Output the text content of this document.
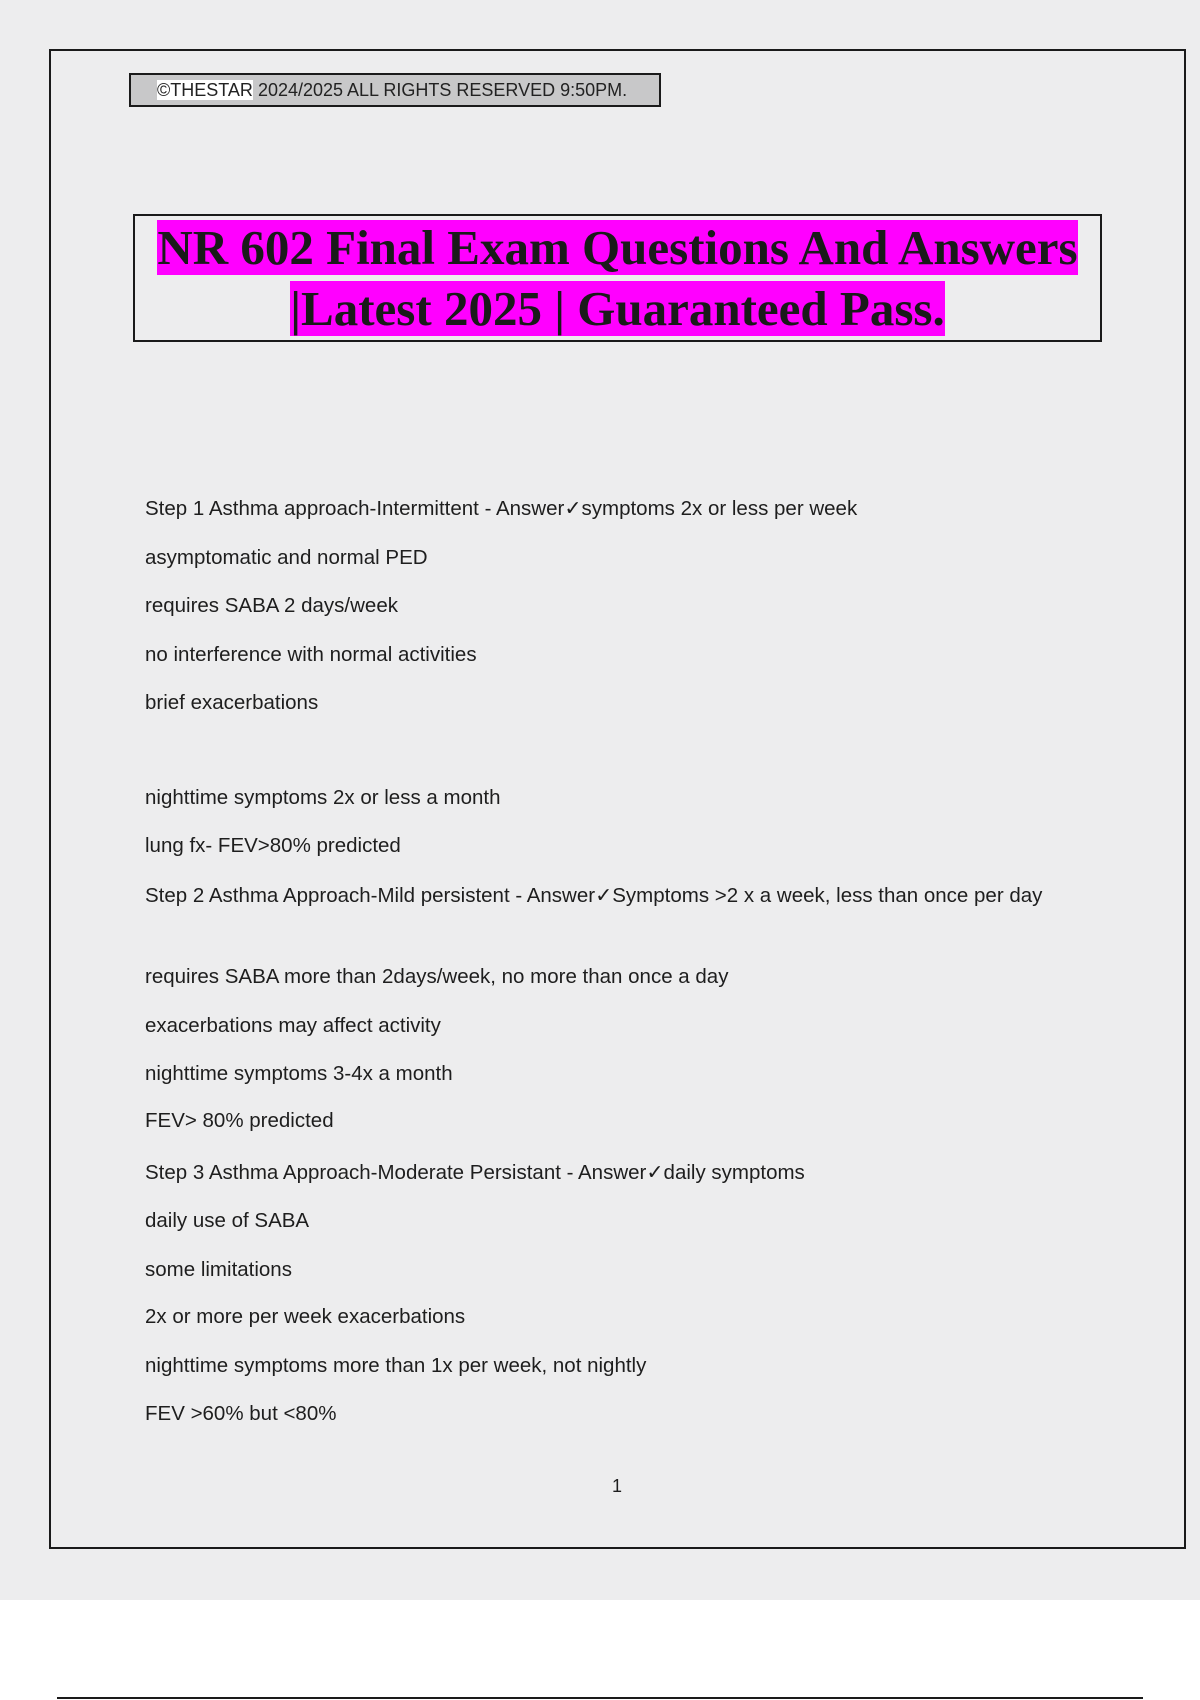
©THESTAR 2024/2025 ALL RIGHTS RESERVED 9:50PM.
NR 602 Final Exam Questions And Answers
|Latest 2025 | Guaranteed Pass.
Step 1 Asthma approach-Intermittent - Answer✓symptoms 2x or less per week
asymptomatic and normal PED
requires SABA 2 days/week
no interference with normal activities
brief exacerbations
nighttime symptoms 2x or less a month
lung fx- FEV>80% predicted
Step 2 Asthma Approach-Mild persistent - Answer✓Symptoms >2 x a week, less than once per day
requires SABA more than 2days/week, no more than once a day
exacerbations may affect activity
nighttime symptoms 3-4x a month
FEV> 80% predicted
Step 3 Asthma Approach-Moderate Persistant - Answer✓daily symptoms
daily use of SABA
some limitations
2x or more per week exacerbations
nighttime symptoms more than 1x per week, not nightly
FEV >60% but <80%
1
